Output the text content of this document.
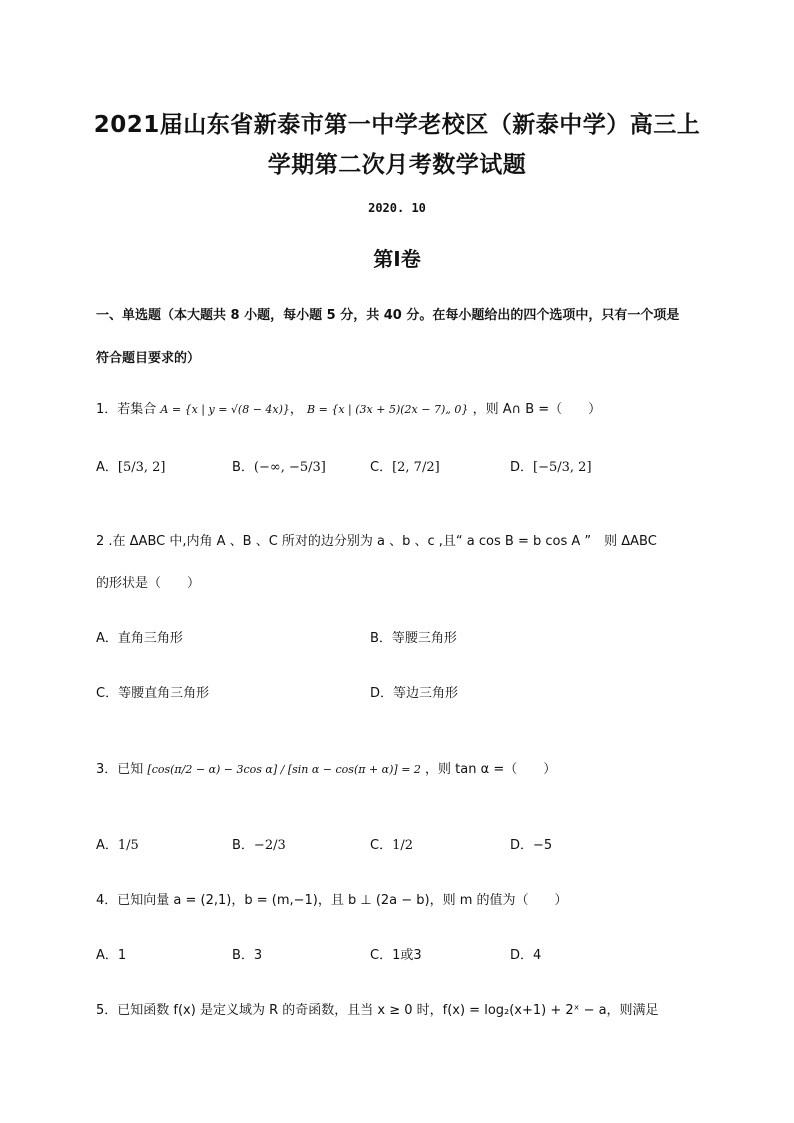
2021届山东省新泰市第一中学老校区（新泰中学）高三上
学期第二次月考数学试题
2020. 10
第I卷
一、单选题（本大题共 8 小题，每小题 5 分，共 40 分。在每小题给出的四个选项中，只有一个项是
符合题目要求的）
1．若集合 A = {x | y = √(8 − 4x)}， B = {x | (3x + 5)(2x − 7)„ 0} ，则 A∩ B =（　　）
A．[5/3, 2]	B．(−∞, −5/3]	C．[2, 7/2]	D．[−5/3, 2]
2 .在 ΔABC 中,内角 A 、B 、C 所对的边分别为 a 、b 、c ,且“ a cos B = b cos A ”　则 ΔABC
的形状是（　　）
A．直角三角形	B．等腰三角形
C．等腰直角三角形	D．等边三角形
3．已知 [cos(π/2 − α) − 3cos α] / [sin α − cos(π + α)] = 2 ，则 tan α =（　　）
A．1/5	B．−2/3	C．1/2	D．−5
4．已知向量 a = (2,1)，b = (m,−1)，且 b ⊥ (2a − b)，则 m 的值为（　　）
A．1	B．3	C．1或3	D．4
5．已知函数 f(x) 是定义域为 R 的奇函数，且当 x ≥ 0 时，f(x) = log₂(x+1) + 2ˣ − a，则满足
